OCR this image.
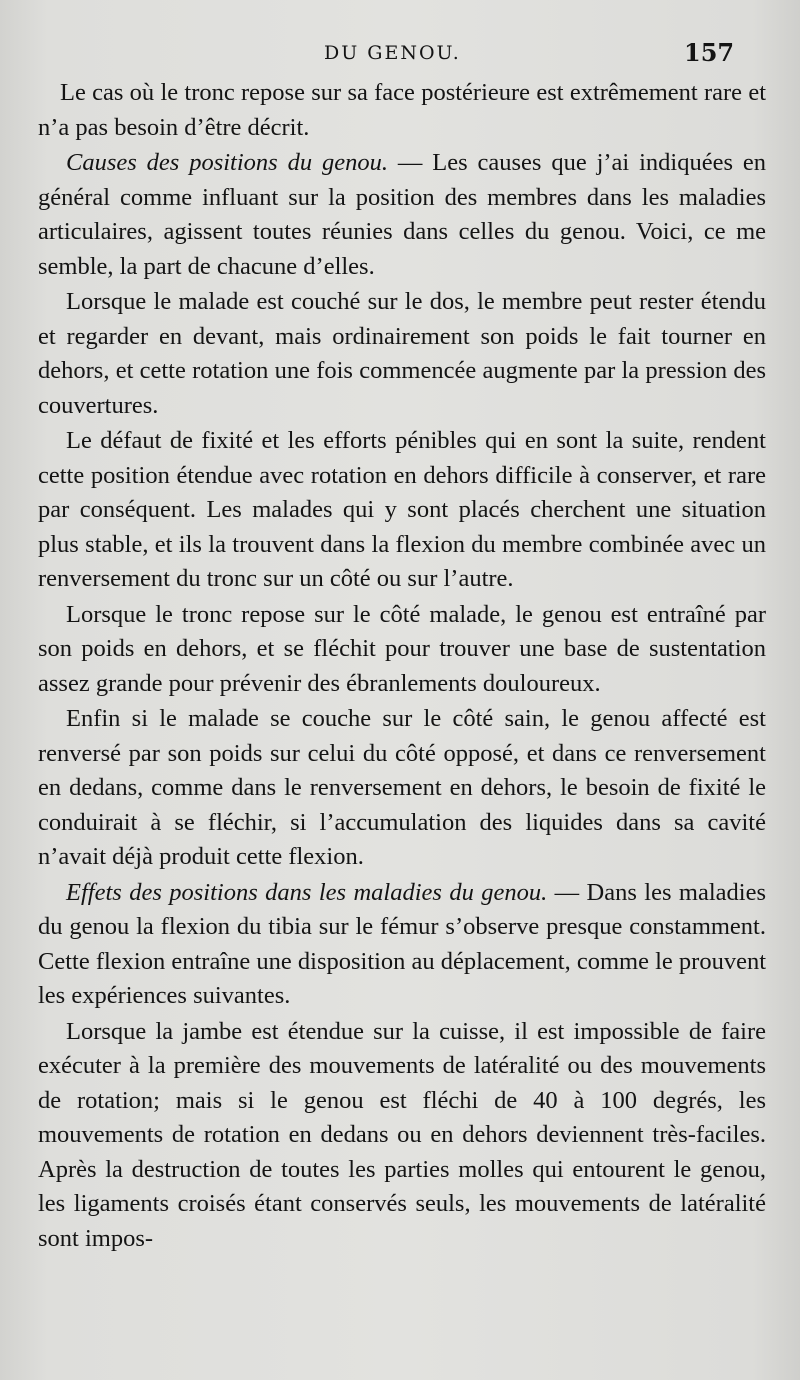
DU GENOU.	157

Le cas où le tronc repose sur sa face postérieure est extrêmement rare et n’a pas besoin d’être décrit.

Causes des positions du genou. — Les causes que j’ai indiquées en général comme influant sur la position des membres dans les maladies articulaires, agissent toutes réunies dans celles du genou. Voici, ce me semble, la part de chacune d’elles.

Lorsque le malade est couché sur le dos, le membre peut rester étendu et regarder en devant, mais ordinairement son poids le fait tourner en dehors, et cette rotation une fois commencée augmente par la pression des couvertures.

Le défaut de fixité et les efforts pénibles qui en sont la suite, rendent cette position étendue avec rotation en dehors difficile à conserver, et rare par conséquent. Les malades qui y sont placés cherchent une situation plus stable, et ils la trouvent dans la flexion du membre combinée avec un renversement du tronc sur un côté ou sur l’autre.

Lorsque le tronc repose sur le côté malade, le genou est entraîné par son poids en dehors, et se fléchit pour trouver une base de sustentation assez grande pour prévenir des ébranlements douloureux.

Enfin si le malade se couche sur le côté sain, le genou affecté est renversé par son poids sur celui du côté opposé, et dans ce renversement en dedans, comme dans le renversement en dehors, le besoin de fixité le conduirait à se fléchir, si l’accumulation des liquides dans sa cavité n’avait déjà produit cette flexion.

Effets des positions dans les maladies du genou. — Dans les maladies du genou la flexion du tibia sur le fémur s’observe presque constamment. Cette flexion entraîne une disposition au déplacement, comme le prouvent les expériences suivantes.

Lorsque la jambe est étendue sur la cuisse, il est impossible de faire exécuter à la première des mouvements de latéralité ou des mouvements de rotation; mais si le genou est fléchi de 40 à 100 degrés, les mouvements de rotation en dedans ou en dehors deviennent très-faciles. Après la destruction de toutes les parties molles qui entourent le genou, les ligaments croisés étant conservés seuls, les mouvements de latéralité sont impos-
